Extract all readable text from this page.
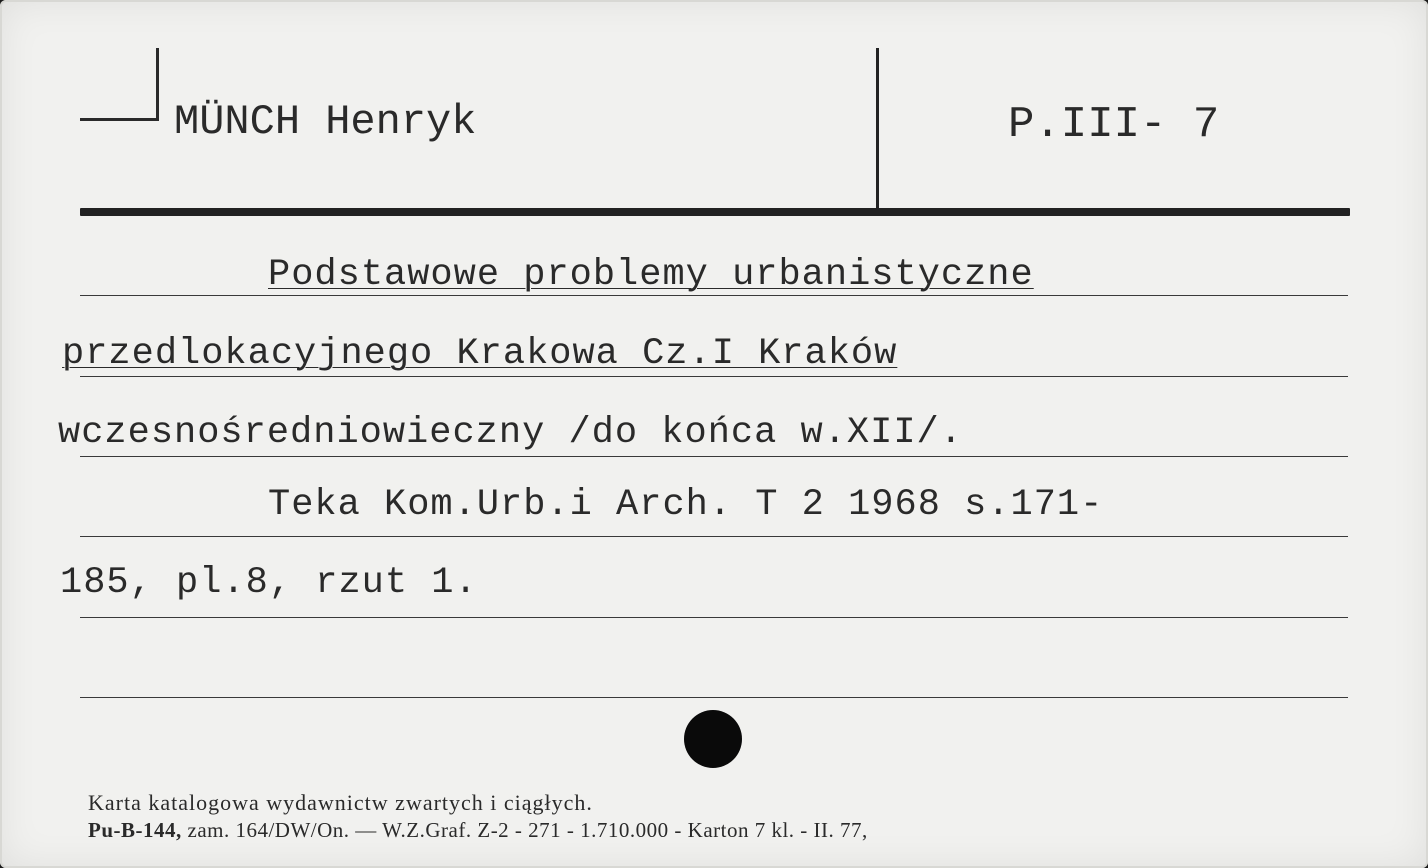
MÜNCH Henryk	P.III- 7
Podstawowe problemy urbanistyczne
przedlokacyjnego Krakowa Cz.I Kraków
wczesnośredniowieczny /do końca w.XII/.
Teka Kom.Urb.i Arch. T 2 1968 s.171-
185, pl.8, rzut 1.
Karta katalogowa wydawnictw zwartych i ciągłych.
Pu-B-144, zam. 164/DW/On. — W.Z.Graf. Z-2 - 271 - 1.710.000 - Karton 7 kl. - II. 77,
